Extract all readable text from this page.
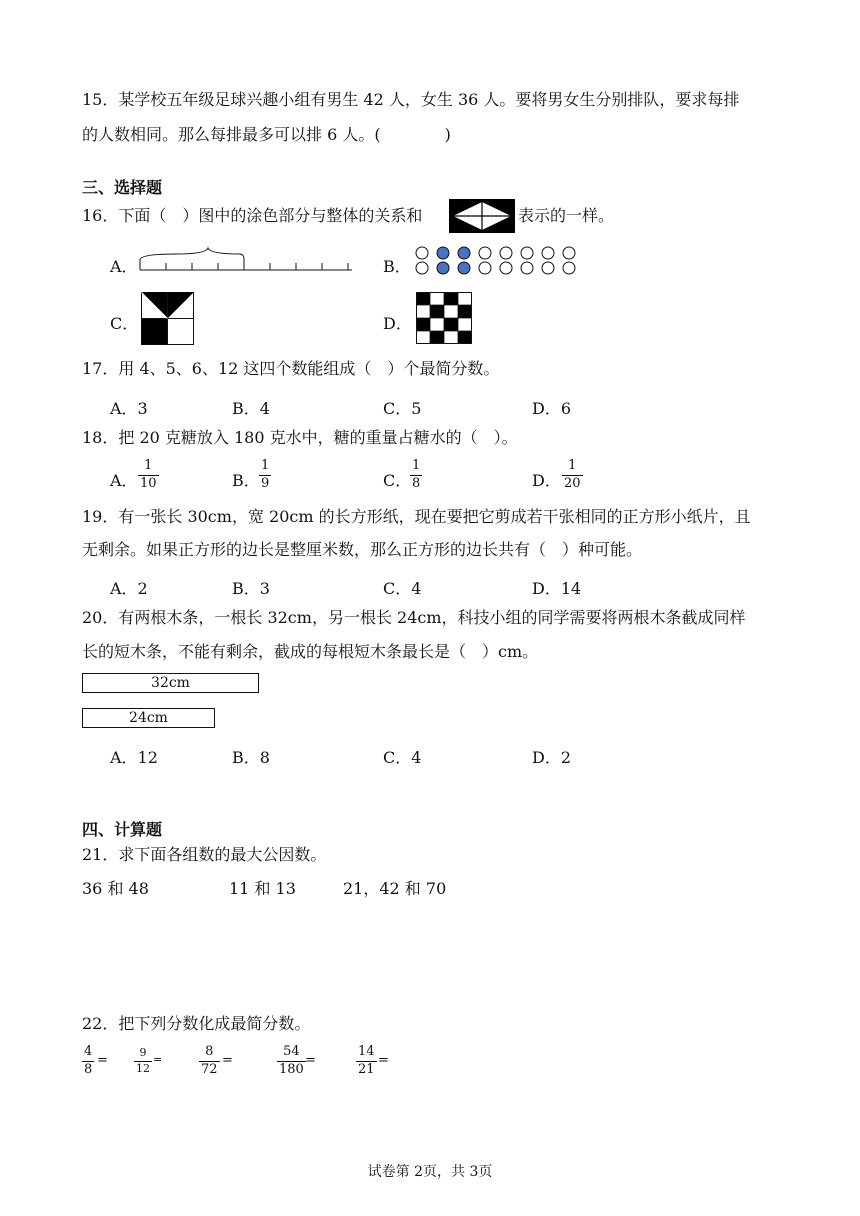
15．某学校五年级足球兴趣小组有男生 42 人，女生 36 人。要将男女生分别排队，要求每排
的人数相同。那么每排最多可以排 6 人。(　　　　)
三、选择题
16．下面（　）图中的涂色部分与整体的关系和	表示的一样。
A．	B．
C．	D．
17．用 4、5、6、12 这四个数能组成（　）个最简分数。
A．3	B．4	C．5	D．6
18．把 20 克糖放入 180 克水中，糖的重量占糖水的（　）。
A．
1
10	B．
1
9	C．
1
8	D．
1
20
19．有一张长 30cm，宽 20cm 的长方形纸，现在要把它剪成若干张相同的正方形小纸片，且
无剩余。如果正方形的边长是整厘米数，那么正方形的边长共有（　）种可能。
A．2	B．3	C．4	D．14
20．有两根木条，一根长 32cm，另一根长 24cm，科技小组的同学需要将两根木条截成同样
长的短木条，不能有剩余，截成的每根短木条最长是（　）cm。
32cm
24cm
A．12	B．8	C．4	D．2
四、计算题
21．求下面各组数的最大公因数。
36 和 48	11 和 13	21，42 和 70
22．把下列分数化成最简分数。
4
8
=
9
12
=
8
72
=
54
180
=
14
21
=
试卷第 2页，共 3页
